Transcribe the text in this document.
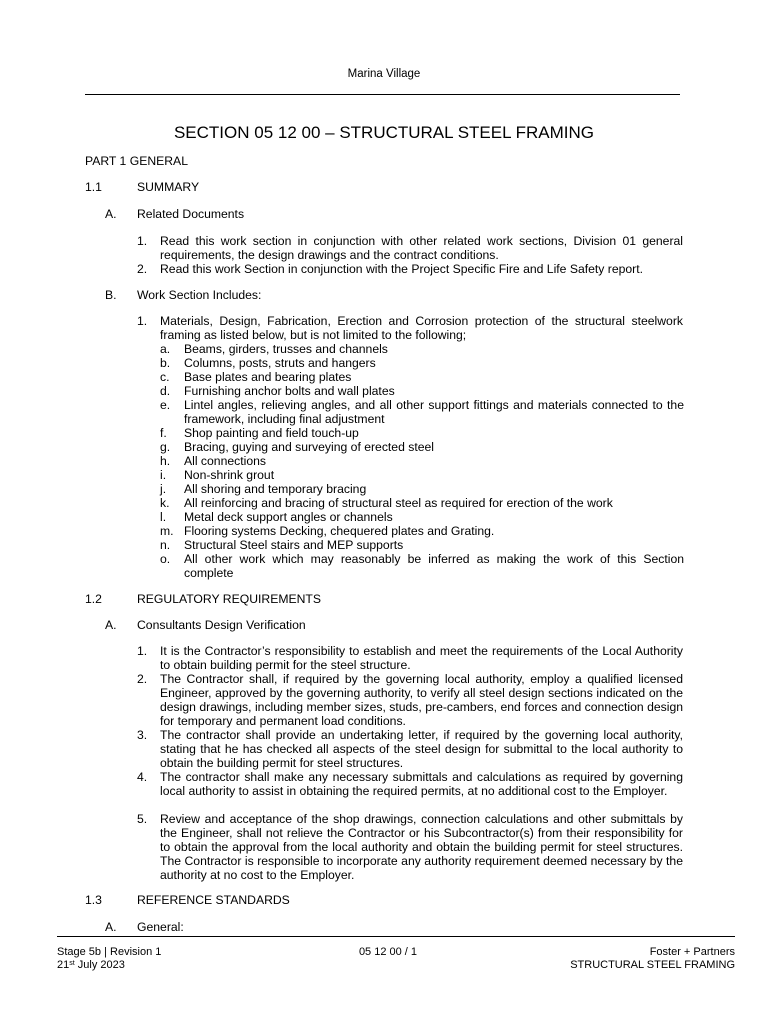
Marina Village
SECTION 05 12 00 – STRUCTURAL STEEL FRAMING
PART 1 GENERAL
1.1	SUMMARY
A. Related Documents
1. Read this work section in conjunction with other related work sections, Division 01 general requirements, the design drawings and the contract conditions.
2. Read this work Section in conjunction with the Project Specific Fire and Life Safety report.
B. Work Section Includes:
1. Materials, Design, Fabrication, Erection and Corrosion protection of the structural steelwork framing as listed below, but is not limited to the following;
a. Beams, girders, trusses and channels
b. Columns, posts, struts and hangers
c. Base plates and bearing plates
d. Furnishing anchor bolts and wall plates
e. Lintel angles, relieving angles, and all other support fittings and materials connected to the framework, including final adjustment
f. Shop painting and field touch-up
g. Bracing, guying and surveying of erected steel
h. All connections
i. Non-shrink grout
j. All shoring and temporary bracing
k. All reinforcing and bracing of structural steel as required for erection of the work
l. Metal deck support angles or channels
m. Flooring systems Decking, chequered plates and Grating.
n. Structural Steel stairs and MEP supports
o. All other work which may reasonably be inferred as making the work of this Section complete
1.2	REGULATORY REQUIREMENTS
A. Consultants Design Verification
1. It is the Contractor’s responsibility to establish and meet the requirements of the Local Authority to obtain building permit for the steel structure.
2. The Contractor shall, if required by the governing local authority, employ a qualified licensed Engineer, approved by the governing authority, to verify all steel design sections indicated on the design drawings, including member sizes, studs, pre-cambers, end forces and connection design for temporary and permanent load conditions.
3. The contractor shall provide an undertaking letter, if required by the governing local authority, stating that he has checked all aspects of the steel design for submittal to the local authority to obtain the building permit for steel structures.
4. The contractor shall make any necessary submittals and calculations as required by governing local authority to assist in obtaining the required permits, at no additional cost to the Employer.
5. Review and acceptance of the shop drawings, connection calculations and other submittals by the Engineer, shall not relieve the Contractor or his Subcontractor(s) from their responsibility for to obtain the approval from the local authority and obtain the building permit for steel structures. The Contractor is responsible to incorporate any authority requirement deemed necessary by the authority at no cost to the Employer.
1.3	REFERENCE STANDARDS
A. General:
Stage 5b | Revision 1
21st July 2023
05 12 00 / 1	Foster + Partners
STRUCTURAL STEEL FRAMING
